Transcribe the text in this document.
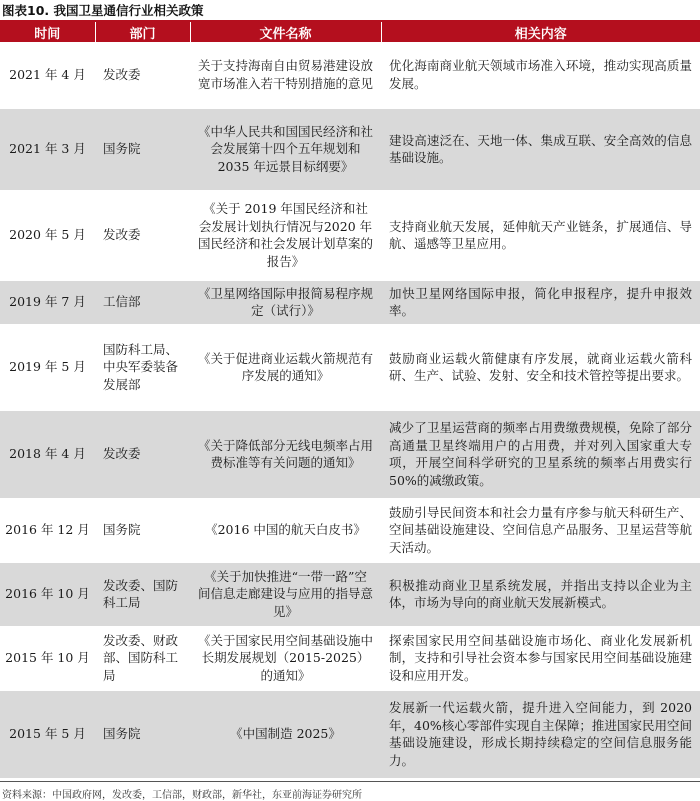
图表10. 我国卫星通信行业相关政策
时间	部门	文件名称	相关内容
2021 年 4 月	发改委	关于支持海南自由贸易港建设放宽市场准入若干特别措施的意见	优化海南商业航天领域市场准入环境，推动实现高质量发展。
2021 年 3 月	国务院	《中华人民共和国国民经济和社会发展第十四个五年规划和 2035 年远景目标纲要》	建设高速泛在、天地一体、集成互联、安全高效的信息基础设施。
2020 年 5 月	发改委	《关于 2019 年国民经济和社会发展计划执行情况与2020 年国民经济和社会发展计划草案的报告》	支持商业航天发展，延伸航天产业链条，扩展通信、导航、遥感等卫星应用。
2019 年 7 月	工信部	《卫星网络国际申报简易程序规定（试行）》	加快卫星网络国际申报，简化申报程序，提升申报效率。
2019 年 5 月	国防科工局、中央军委装备发展部	《关于促进商业运载火箭规范有序发展的通知》	鼓励商业运载火箭健康有序发展，就商业运载火箭科研、生产、试验、发射、安全和技术管控等提出要求。
2018 年 4 月	发改委	《关于降低部分无线电频率占用费标准等有关问题的通知》	减少了卫星运营商的频率占用费缴费规模，免除了部分高通量卫星终端用户的占用费，并对列入国家重大专项，开展空间科学研究的卫星系统的频率占用费实行 50%的减缴政策。
2016 年 12 月	国务院	《2016 中国的航天白皮书》	鼓励引导民间资本和社会力量有序参与航天科研生产、空间基础设施建设、空间信息产品服务、卫星运营等航天活动。
2016 年 10 月	发改委、国防科工局	《关于加快推进“一带一路”空间信息走廊建设与应用的指导意见》	积极推动商业卫星系统发展，并指出支持以企业为主体，市场为导向的商业航天发展新模式。
2015 年 10 月	发改委、财政部、国防科工局	《关于国家民用空间基础设施中长期发展规划（2015-2025）的通知》	探索国家民用空间基础设施市场化、商业化发展新机制，支持和引导社会资本参与国家民用空间基础设施建设和应用开发。
2015 年 5 月	国务院	《中国制造 2025》	发展新一代运载火箭，提升进入空间能力，到 2020 年，40%核心零部件实现自主保障；推进国家民用空间基础设施建设，形成长期持续稳定的空间信息服务能力。
资料来源：中国政府网，发改委，工信部，财政部，新华社，东亚前海证券研究所
